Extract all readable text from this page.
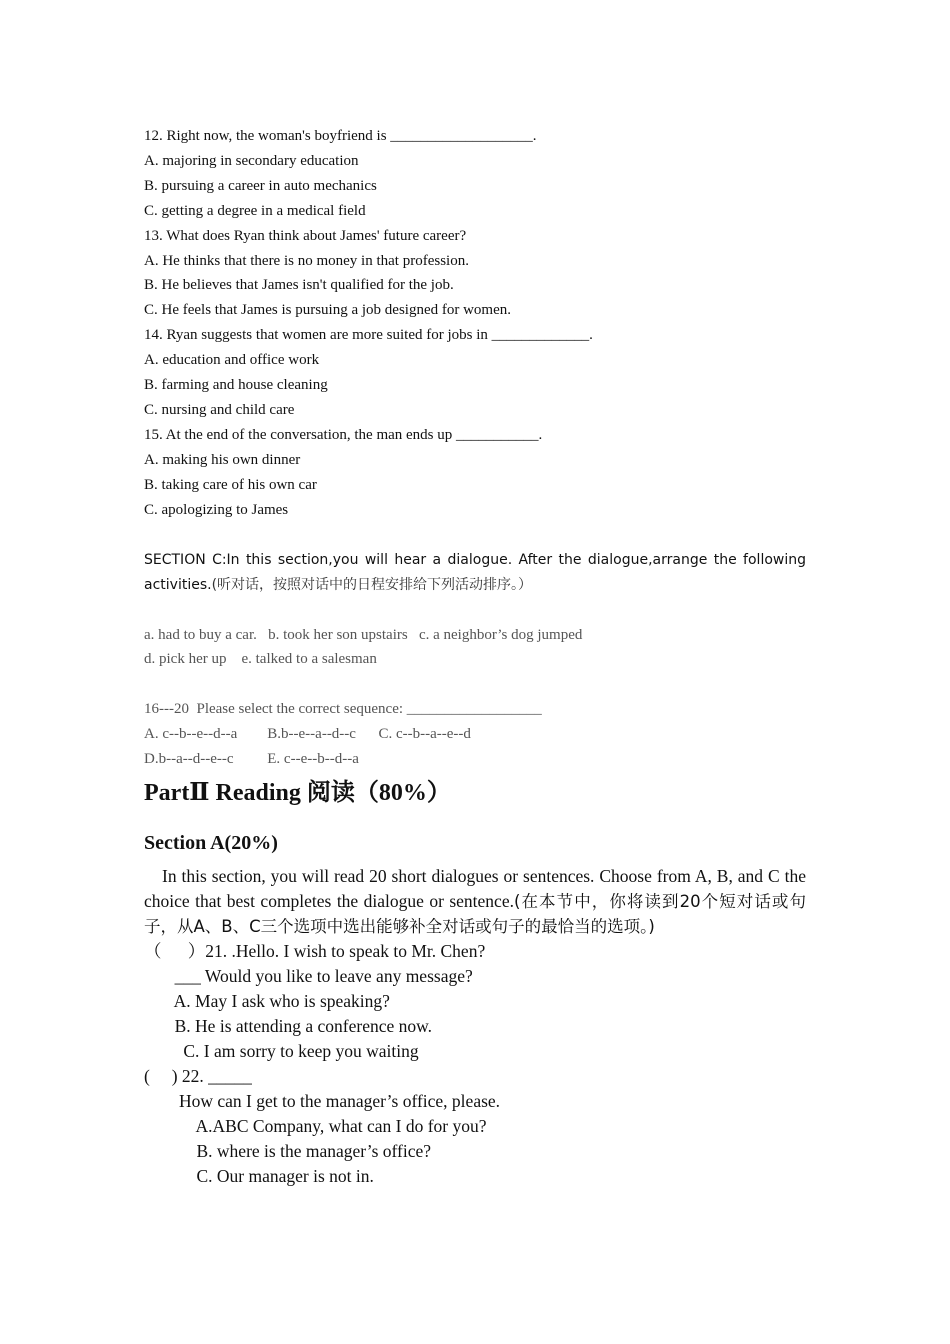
12. Right now, the woman's boyfriend is ___________________.
A. majoring in secondary education
B. pursuing a career in auto mechanics
C. getting a degree in a medical field
13. What does Ryan think about James' future career?
A. He thinks that there is no money in that profession.
B. He believes that James isn't qualified for the job.
C. He feels that James is pursuing a job designed for women.
14. Ryan suggests that women are more suited for jobs in _____________.
A. education and office work
B. farming and house cleaning
C. nursing and child care
15. At the end of the conversation, the man ends up ___________.
A. making his own dinner
B. taking care of his own car
C. apologizing to James

SECTION C:In this section,you will hear a dialogue. After the dialogue,arrange the following activities.(听对话，按照对话中的日程安排给下列活动排序。）

a. had to buy a car.   b. took her son upstairs   c. a neighbor’s dog jumped
d. pick her up    e. talked to a salesman
16---20  Please select the correct sequence: __________________
A. c--b--e--d--a        B.b--e--a--d--c      C. c--b--a--e--d
D.b--a--d--e--c         E. c--e--b--d--a
PartⅡ Reading 阅读（80%）
Section A(20%)

In this section, you will read 20 short dialogues or sentences. Choose from A, B, and C the choice that best completes the dialogue or sentence.(在本节中，你将读到20个短对话或句子，从A、B、C三个选项中选出能够补全对话或句子的最恰当的选项。)

（      ）21. .Hello. I wish to speak to Mr. Chen?
___ Would you like to leave any message?
A. May I ask who is speaking?
B. He is attending a conference now.
C. I am sorry to keep you waiting
(     ) 22. _____
How can I get to the manager’s office, please.
A.ABC Company, what can I do for you?
B. where is the manager’s office?
C. Our manager is not in.
